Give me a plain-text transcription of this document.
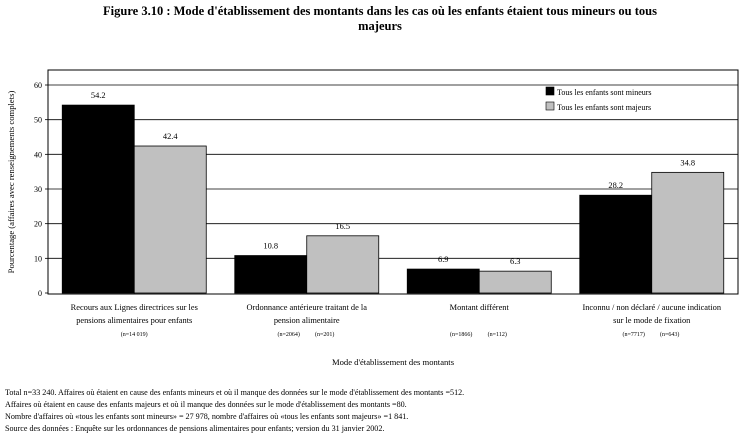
Figure 3.10 : Mode d'établissement des montants dans les cas où les enfants étaient tous mineurs ou tous
majeurs
0
10
20
30
40
50
60
54.2
42.4
10.8
16.5
6.9	6.3
28.2
34.8
Recours aux Lignes directrices sur les
pensions alimentaires pour enfants
(n=14 019)
Ordonnance antérieure traitant de la
pension alimentaire
(n=2064)	(n=201)
Montant différent
(n=1866)	(n=112)
Inconnu / non déclaré / aucune indication
sur le mode de fixation
(n=7717)	(n=643)
Pourcentage (affaires avec renseignements complets)
Mode d'établissement des montants
Tous les enfants sont mineurs
Tous les enfants sont majeurs
Total n=33 240. Affaires où étaient en cause des enfants mineurs et où il manque des données sur le mode d'établissement des montants =512.
Affaires où étaient en cause des enfants majeurs et où il manque des données sur le mode d'établissement des montants =80.
Nombre d'affaires où «tous les enfants sont mineurs» = 27 978, nombre d'affaires où «tous les enfants sont majeurs» =1 841.
Source des données : Enquête sur les ordonnances de pensions alimentaires pour enfants; version du 31 janvier 2002.
